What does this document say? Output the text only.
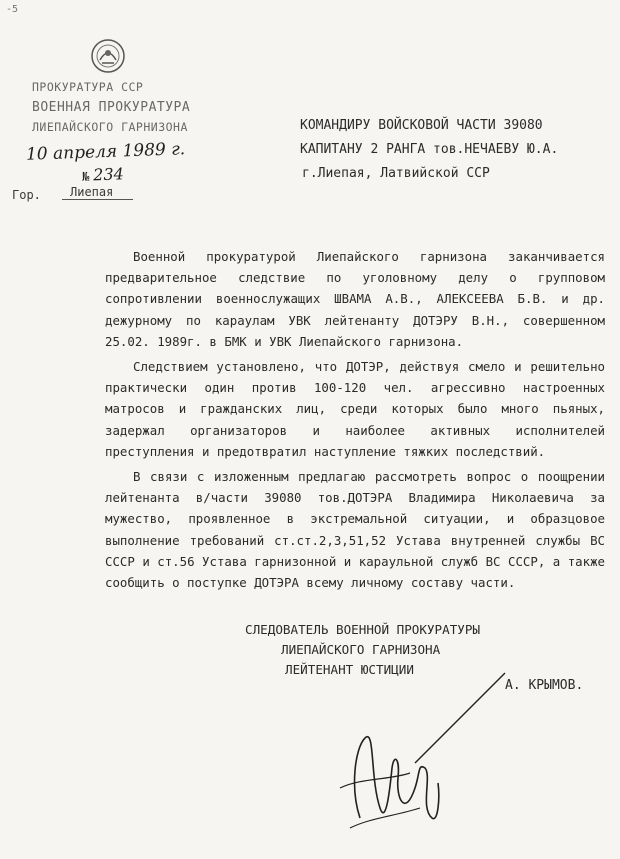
-5
ПРОКУРАТУРА ССР
ВОЕННАЯ ПРОКУРАТУРА
ЛИЕПАЙСКОГО ГАРНИЗОНА
10 апреля 1989 г.
№ 234
Гор.	Лиепая
КОМАНДИРУ ВОЙСКОВОЙ ЧАСТИ 39080
КАПИТАНУ 2 РАНГА тов.НЕЧАЕВУ Ю.А.
г.Лиепая, Латвийской ССР

Военной прокуратурой Лиепайского гарнизона заканчивается предварительное следствие по уголовному делу о групповом сопротивлении военнослужащих ШВАМА А.В., АЛЕКСЕЕВА Б.В. и др. дежурному по караулам УВК лейтенанту ДОТЭРУ В.Н., совершенном 25.02. 1989г. в БМК и УВК Лиепайского гарнизона.

Следствием установлено, что ДОТЭР, действуя смело и решительно практически один против 100-120 чел. агрессивно настроенных матросов и гражданских лиц, среди которых было много пьяных, задержал организаторов и наиболее активных исполнителей преступления и предотвратил наступление тяжких последствий.

В связи с изложенным предлагаю рассмотреть вопрос о поощрении лейтенанта в/части 39080 тов.ДОТЭРА Владимира Николаевича за мужество, проявленное в экстремальной ситуации, и образцовое выполнение требований ст.ст.2,3,51,52 Устава внутренней службы ВС СССР и ст.56 Устава гарнизонной и караульной служб ВС СССР, а также сообщить о поступке ДОТЭРА всему личному составу части.

СЛЕДОВАТЕЛЬ ВОЕННОЙ ПРОКУРАТУРЫ
ЛИЕПАЙСКОГО ГАРНИЗОНА
ЛЕЙТЕНАНТ ЮСТИЦИИ
А. КРЫМОВ.
